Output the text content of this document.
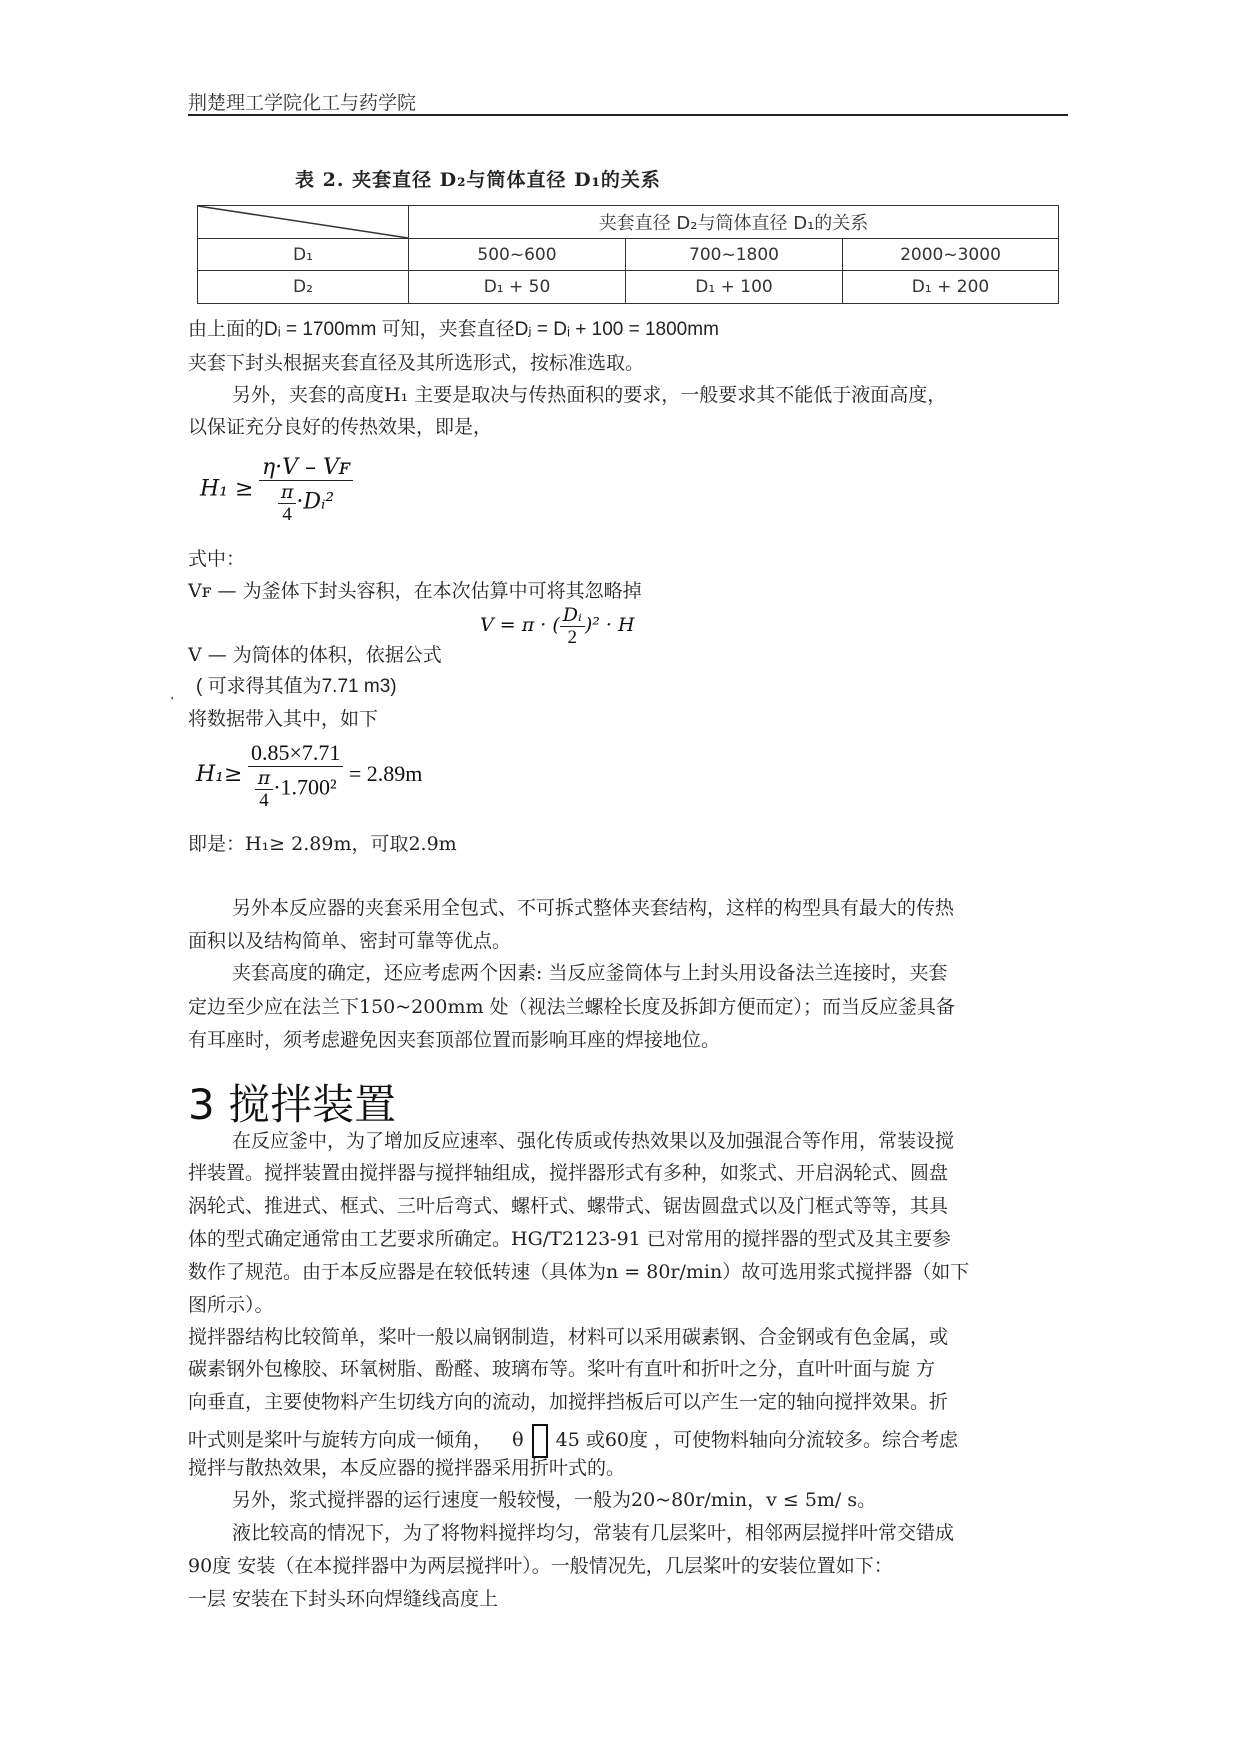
荆楚理工学院化工与药学院
表 2. 夹套直径 D₂与筒体直径 D₁的关系
	夹套直径 D₂与筒体直径 D₁的关系		
D₁	500~600	700~1800	2000~3000
D₂	D₁ + 50	D₁ + 100	D₁ + 200
由上面的Dᵢ = 1700mm 可知，夹套直径Dⱼ = Dᵢ + 100 = 1800mm
夹套下封头根据夹套直径及其所选形式，按标准选取。
另外，夹套的高度H₁ 主要是取决与传热面积的要求，一般要求其不能低于液面高度，
以保证充分良好的传热效果，即是，
$H_1 \ge \frac{\text{η·V – Vꜰ}}{\frac{\pi}{4} \cdot Dᵢ^2}$
式中：
Vꜰ — 为釜体下封头容积，在本次估算中可将其忽略掉
V = π · ( $\frac{\text{Dᵢ}}{2} )^2 \cdot H$
V — 为筒体的体积，依据公式
. ( 可求得其值为7.71 m3)
将数据带入其中，如下
$H_1\ge \frac{0.85\times 7.71}{\frac{\pi}{4} \cdot 1.700^2} = 2.89m$
即是：H₁≥ 2.89m，可取2.9m
另外本反应器的夹套采用全包式、不可拆式整体夹套结构，这样的构型具有最大的传热
面积以及结构简单、密封可靠等优点。
夹套高度的确定，还应考虑两个因素: 当反应釜筒体与上封头用设备法兰连接时，夹套
定边至少应在法兰下150~200mm 处（视法兰螺栓长度及拆卸方便而定）；而当反应釜具备
有耳座时，须考虑避免因夹套顶部位置而影响耳座的焊接地位。
3 搅拌装置
在反应釜中，为了增加反应速率、强化传质或传热效果以及加强混合等作用，常装设搅
拌装置。搅拌装置由搅拌器与搅拌轴组成，搅拌器形式有多种，如浆式、开启涡轮式、圆盘
涡轮式、推进式、框式、三叶后弯式、螺杆式、螺带式、锯齿圆盘式以及门框式等等，其具
体的型式确定通常由工艺要求所确定。HG/T2123-91 已对常用的搅拌器的型式及其主要参
数作了规范。由于本反应器是在较低转速（具体为n = 80r/min）故可选用浆式搅拌器（如下
图所示）。
搅拌器结构比较简单，桨叶一般以扁钢制造，材料可以采用碳素钢、合金钢或有色金属，或
碳素钢外包橡胶、环氧树脂、酚醛、玻璃布等。桨叶有直叶和折叶之分，直叶叶面与旋 方
向垂直，主要使物料产生切线方向的流动，加搅拌挡板后可以产生一定的轴向搅拌效果。折
叶式则是桨叶与旋转方向成一倾角， θ 45 或60度 ，可使物料轴向分流较多。综合考虑
搅拌与散热效果，本反应器的搅拌器采用折叶式的。
另外，浆式搅拌器的运行速度一般较慢，一般为20~80r/min，v ≤ 5m/ s。
液比较高的情况下，为了将物料搅拌均匀，常装有几层桨叶，相邻两层搅拌叶常交错成
90度 安装（在本搅拌器中为两层搅拌叶）。一般情况先，几层桨叶的安装位置如下：
一层 安装在下封头环向焊缝线高度上
